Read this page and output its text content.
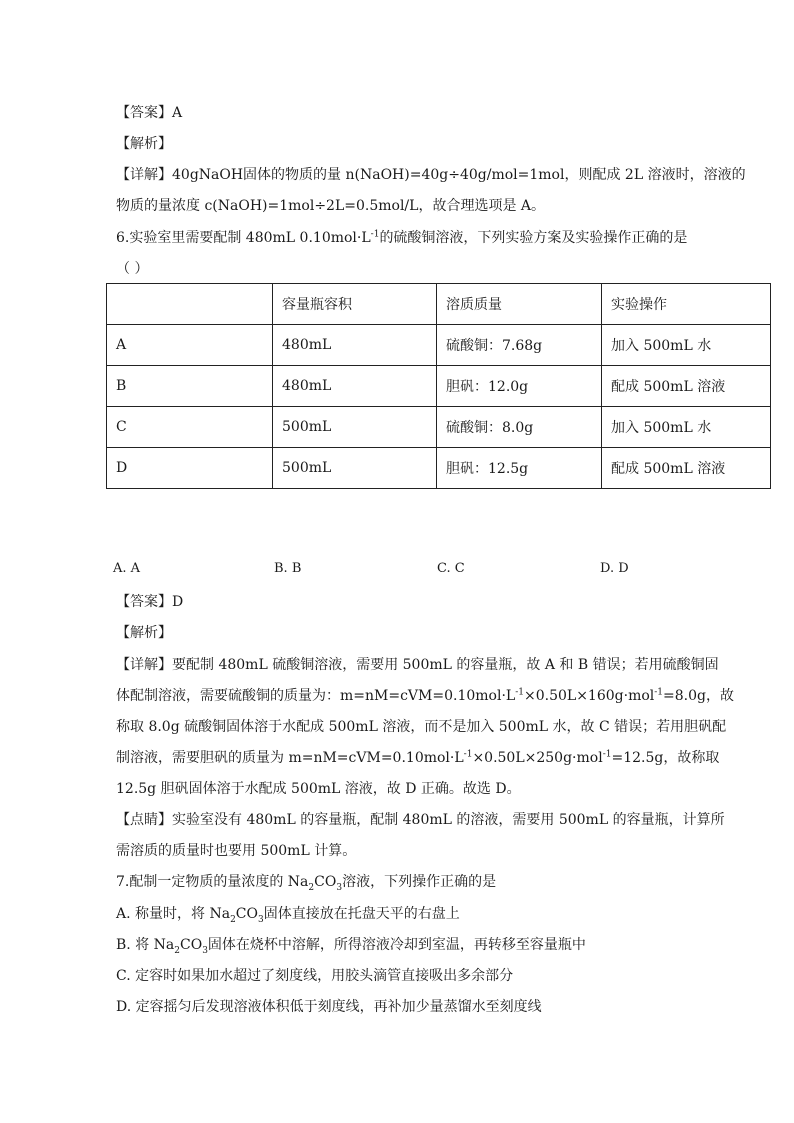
【答案】A
【解析】
【详解】40gNaOH固体的物质的量 n(NaOH)=40g÷40g/mol=1mol，则配成 2L 溶液时，溶液的
物质的量浓度 c(NaOH)=1mol÷2L=0.5mol/L，故合理选项是 A。
6.实验室里需要配制 480mL $0.10mol\cdot L^{-1}$的硫酸铜溶液，下列实验方案及实验操作正确的是
（ ）
	容量瓶容积	溶质质量	实验操作
A	480mL	硫酸铜：7.68g	加入 500mL 水
B	480mL	胆矾：12.0g	配成 500mL 溶液
C	500mL	硫酸铜：8.0g	加入 500mL 水
D	500mL	胆矾：12.5g	配成 500mL 溶液
A. A	B. B	C. C	D. D
【答案】D
【解析】
【详解】要配制 480mL 硫酸铜溶液，需要用 500mL 的容量瓶，故 A 和 B 错误；若用硫酸铜固
体配制溶液，需要硫酸铜的质量为：$m=nM=cVM=0.10mol\cdot L^{-1}\times 0.50L\times 160g\cdot mol^{-1}=8.0g$，故
称取 8.0g 硫酸铜固体溶于水配成 500mL 溶液，而不是加入 500mL 水，故 C 错误；若用胆矾配
制溶液，需要胆矾的质量为 $m=nM=cVM=0.10mol\cdot L^{-1}\times 0.50L\times 250g\cdot mol^{-1}=12.5g$，故称取
12.5g 胆矾固体溶于水配成 500mL 溶液，故 D 正确。故选 D。
【点睛】实验室没有 480mL 的容量瓶，配制 480mL 的溶液，需要用 500mL 的容量瓶，计算所
需溶质的质量时也要用 500mL 计算。
7.配制一定物质的量浓度的 $Na_2CO_3$溶液，下列操作正确的是
A. 称量时，将 $Na_2CO_3$固体直接放在托盘天平的右盘上
B. 将 $Na_2CO_3$固体在烧杯中溶解，所得溶液冷却到室温，再转移至容量瓶中
C. 定容时如果加水超过了刻度线，用胶头滴管直接吸出多余部分
D. 定容摇匀后发现溶液体积低于刻度线，再补加少量蒸馏水至刻度线
